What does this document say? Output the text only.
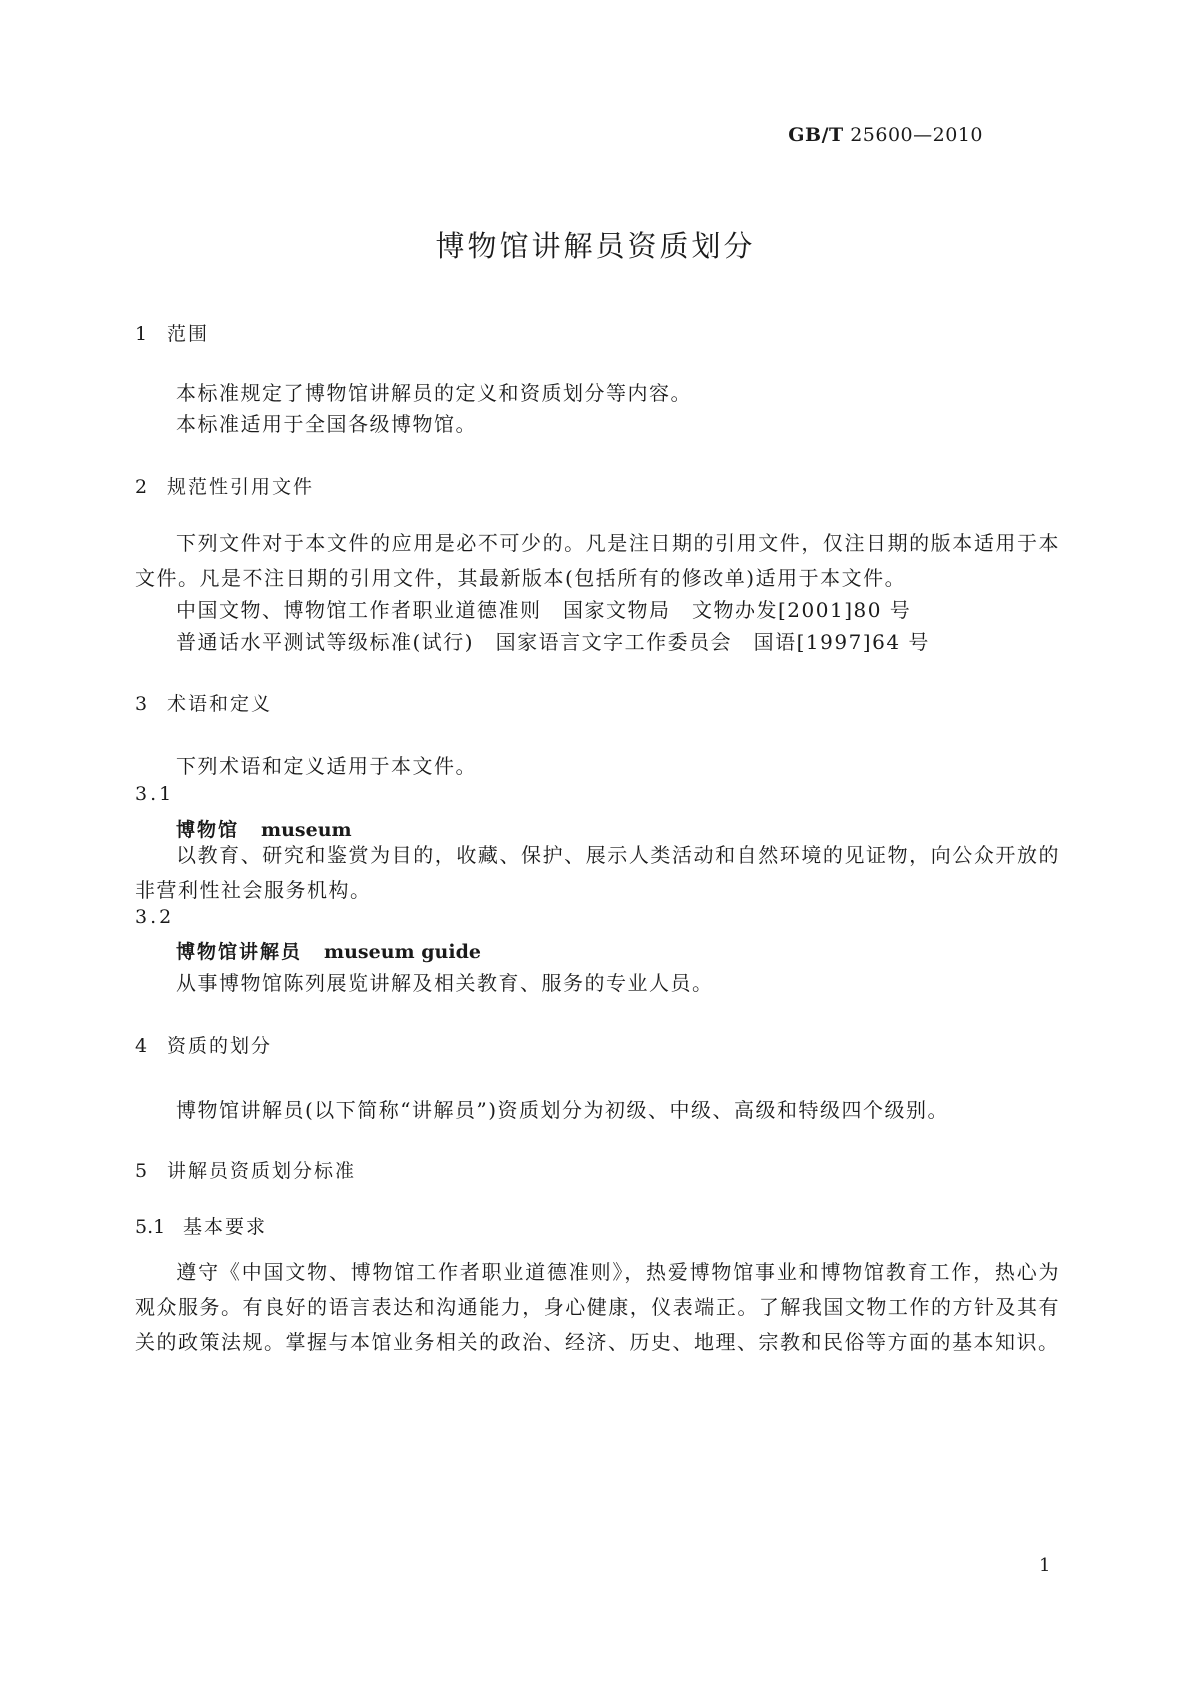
GB/T 25600—2010
博物馆讲解员资质划分
1 范围
本标准规定了博物馆讲解员的定义和资质划分等内容。
本标准适用于全国各级博物馆。
2 规范性引用文件
下列文件对于本文件的应用是必不可少的。凡是注日期的引用文件，仅注日期的版本适用于本文件。凡是不注日期的引用文件，其最新版本(包括所有的修改单)适用于本文件。
中国文物、博物馆工作者职业道德准则　国家文物局　文物办发[2001]80 号
普通话水平测试等级标准(试行)　国家语言文字工作委员会　国语[1997]64 号
3 术语和定义
下列术语和定义适用于本文件。
3.1
博物馆 museum
以教育、研究和鉴赏为目的，收藏、保护、展示人类活动和自然环境的见证物，向公众开放的非营利性社会服务机构。
3.2
博物馆讲解员 museum guide
从事博物馆陈列展览讲解及相关教育、服务的专业人员。
4 资质的划分
博物馆讲解员(以下简称“讲解员”)资质划分为初级、中级、高级和特级四个级别。
5 讲解员资质划分标准
5.1 基本要求
遵守《中国文物、博物馆工作者职业道德准则》，热爱博物馆事业和博物馆教育工作，热心为观众服务。有良好的语言表达和沟通能力，身心健康，仪表端正。了解我国文物工作的方针及其有关的政策法规。掌握与本馆业务相关的政治、经济、历史、地理、宗教和民俗等方面的基本知识。
1
